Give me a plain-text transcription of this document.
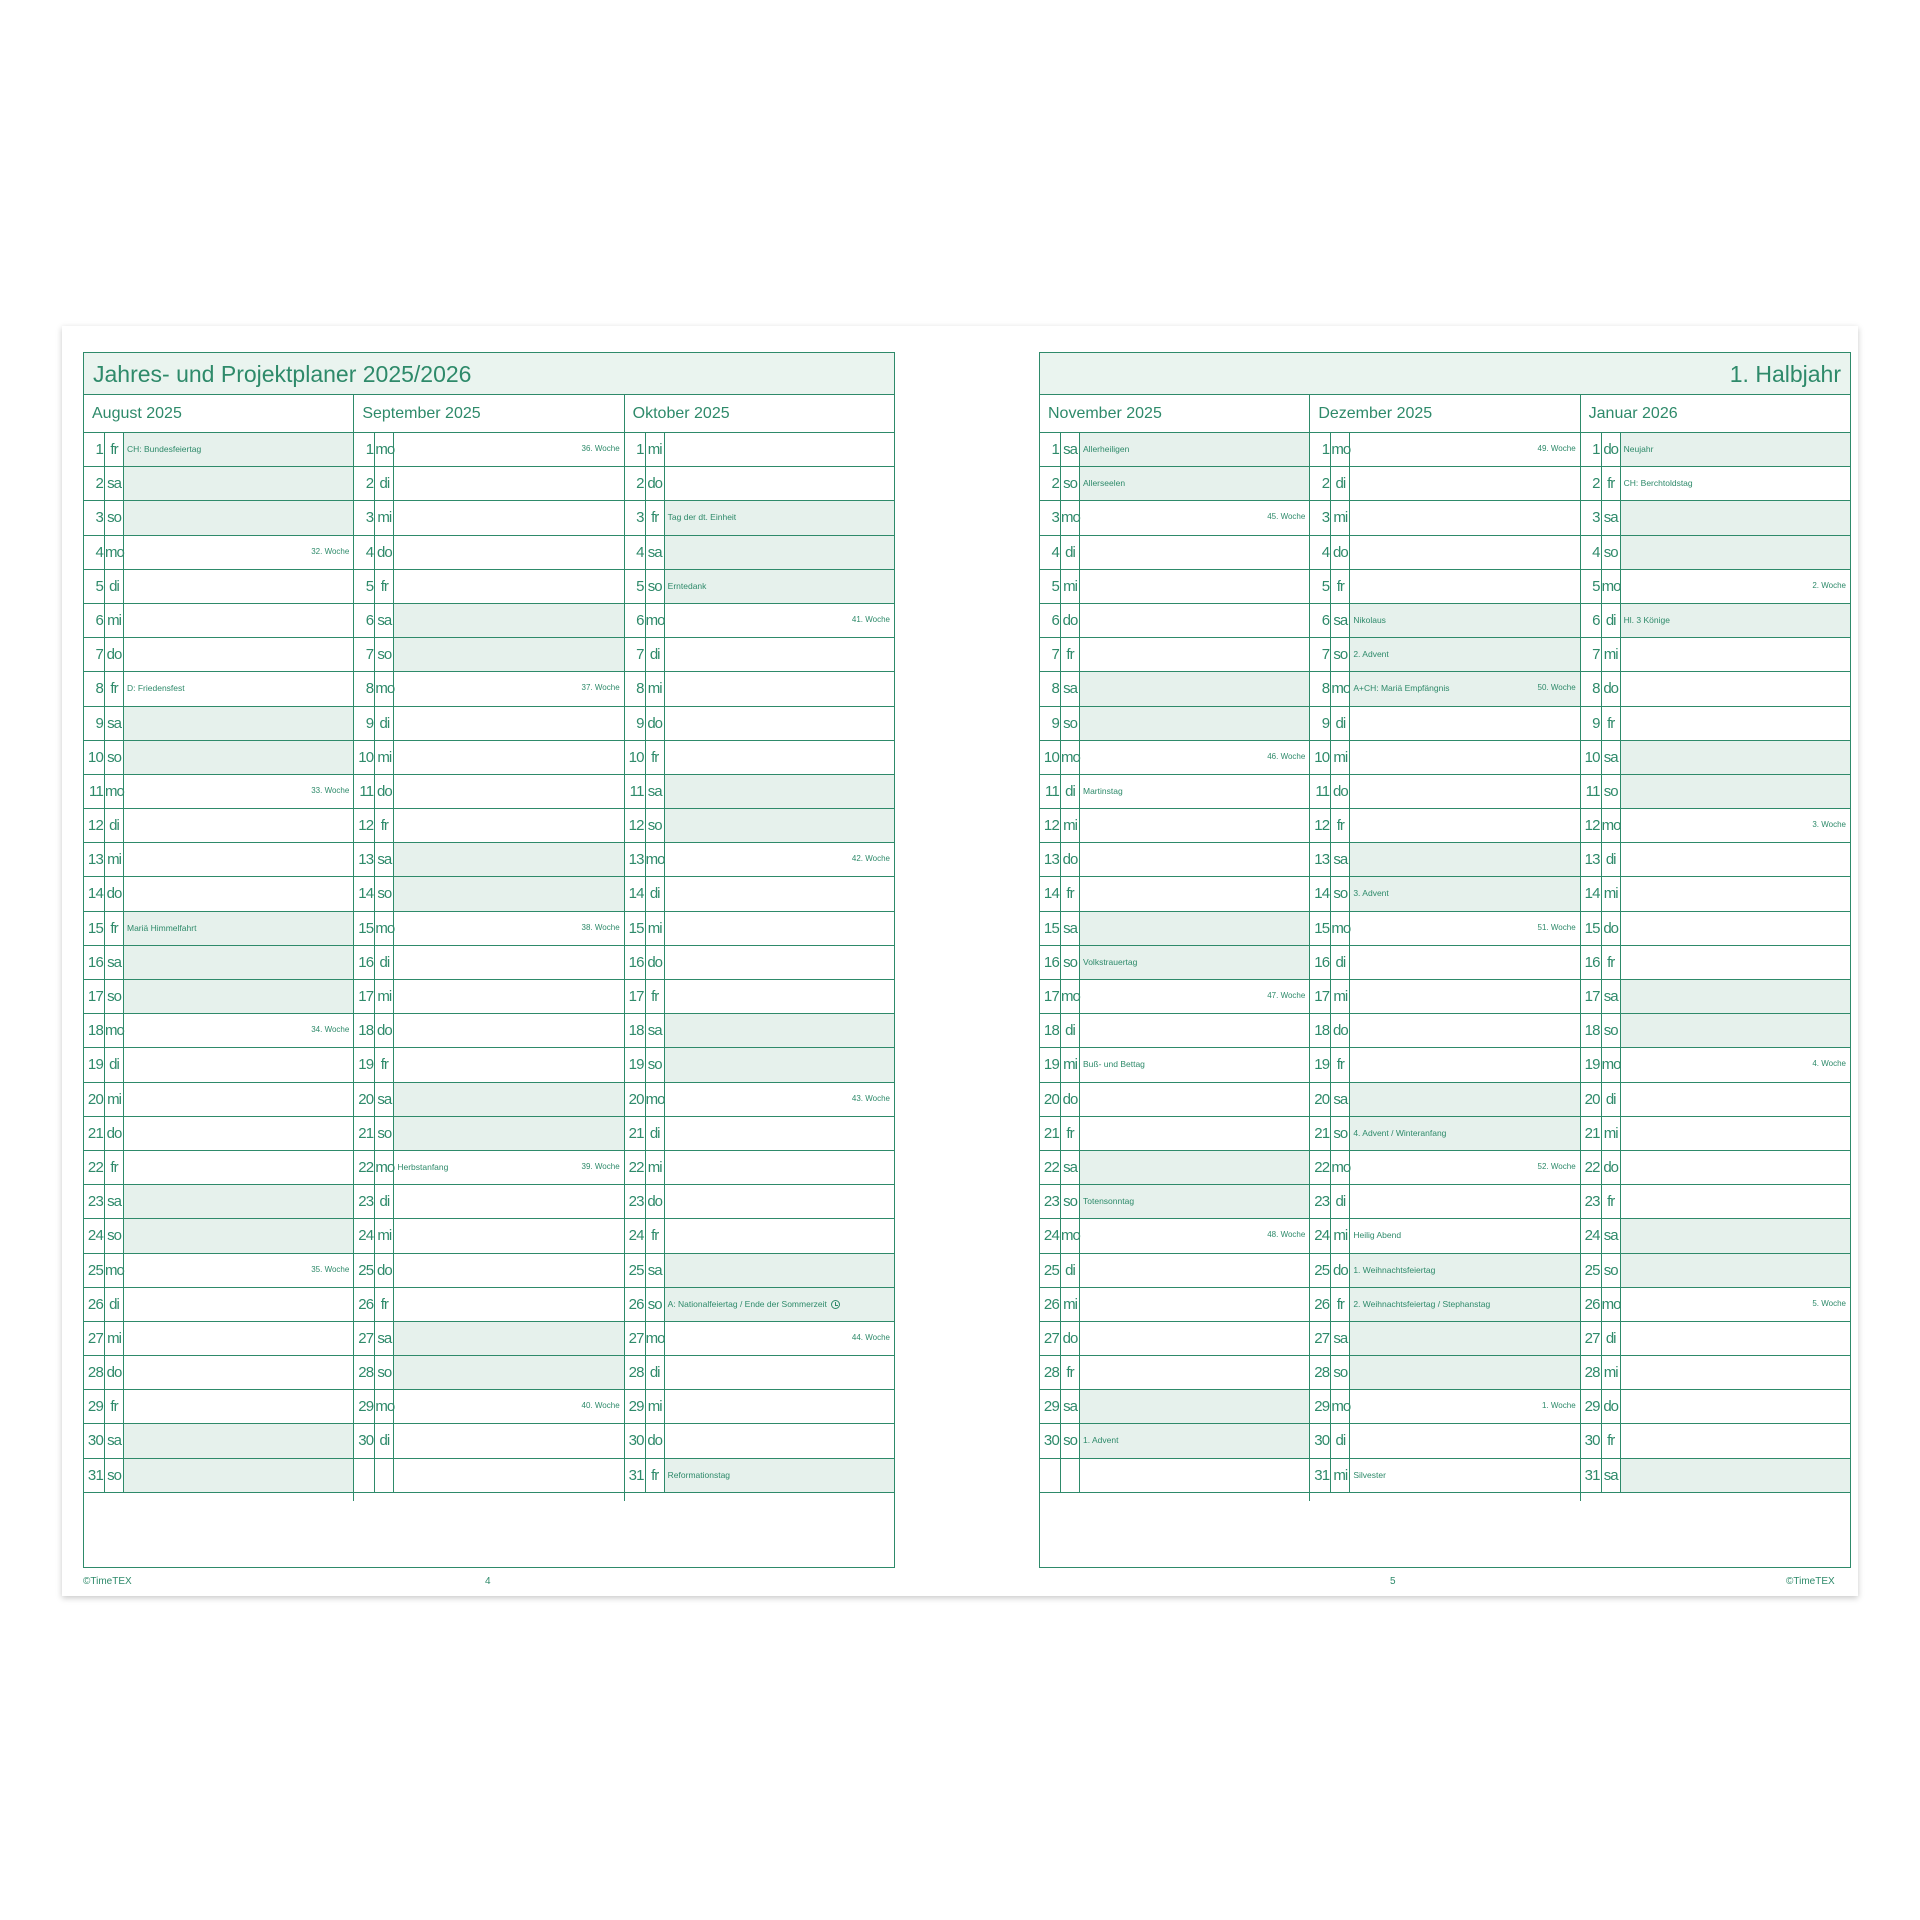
Jahres- und Projektplaner 2025/2026
August 2025
1 fr	CH: Bundesfeiertag
2 sa
3 so
4 mo	32. Woche
5 di
6 mi
7 do
8 fr	D: Friedensfest
9 sa
10 so
11 mo	33. Woche
12 di
13 mi
14 do
15 fr	Mariä Himmelfahrt
16 sa
17 so
18 mo	34. Woche
19 di
20 mi
21 do
22 fr
23 sa
24 so
25 mo	35. Woche
26 di
27 mi
28 do
29 fr
30 sa
31 so
September 2025
1 mo	36. Woche
2 di
3 mi
4 do
5 fr
6 sa
7 so
8 mo	37. Woche
9 di
10 mi
11 do
12 fr
13 sa
14 so
15 mo	38. Woche
16 di
17 mi
18 do
19 fr
20 sa
21 so
22 mo Herbstanfang	39. Woche
23 di
24 mi
25 do
26 fr
27 sa
28 so
29 mo	40. Woche
30 di
Oktober 2025
1 mi
2 do
3 fr	Tag der dt. Einheit
4 sa
5 so Erntedank
6 mo	41. Woche
7 di
8 mi
9 do
10 fr
11 sa
12 so
13 mo	42. Woche
14 di
15 mi
16 do
17 fr
18 sa
19 so
20 mo	43. Woche
21 di
22 mi
23 do
24 fr
25 sa
26 so A: Nationalfeiertag / Ende der Sommerzeit
27 mo	44. Woche
28 di
29 mi
30 do
31 fr	Reformationstag
©TimeTEX	4
1. Halbjahr
November 2025
1 sa Allerheiligen
2 so Allerseelen
3 mo	45. Woche
4 di
5 mi
6 do
7 fr
8 sa
9 so
10 mo	46. Woche
11 di Martinstag
12 mi
13 do
14 fr
15 sa
16 so Volkstrauertag
17 mo	47. Woche
18 di
19 mi Buß- und Bettag
20 do
21 fr
22 sa
23 so Totensonntag
24 mo	48. Woche
25 di
26 mi
27 do
28 fr
29 sa
30 so 1. Advent
Dezember 2025
1 mo	49. Woche
2 di
3 mi
4 do
5 fr
6 sa Nikolaus
7 so 2. Advent
8 mo A+CH: Mariä Empfängnis	50. Woche
9 di
10 mi
11 do
12 fr
13 sa
14 so 3. Advent
15 mo	51. Woche
16 di
17 mi
18 do
19 fr
20 sa
21 so 4. Advent / Winteranfang
22 mo	52. Woche
23 di
24 mi Heilig Abend
25 do 1. Weihnachtsfeiertag
26 fr	2. Weihnachtsfeiertag / Stephanstag
27 sa
28 so
29 mo	1. Woche
30 di
31 mi Silvester
Januar 2026
1 do Neujahr
2 fr	CH: Berchtoldstag
3 sa
4 so
5 mo	2. Woche
6 di Hl. 3 Könige
7 mi
8 do
9 fr
10 sa
11 so
12 mo	3. Woche
13 di
14 mi
15 do
16 fr
17 sa
18 so
19 mo	4. Woche
20 di
21 mi
22 do
23 fr
24 sa
25 so
26 mo	5. Woche
27 di
28 mi
29 do
30 fr
31 sa
5	©TimeTEX
